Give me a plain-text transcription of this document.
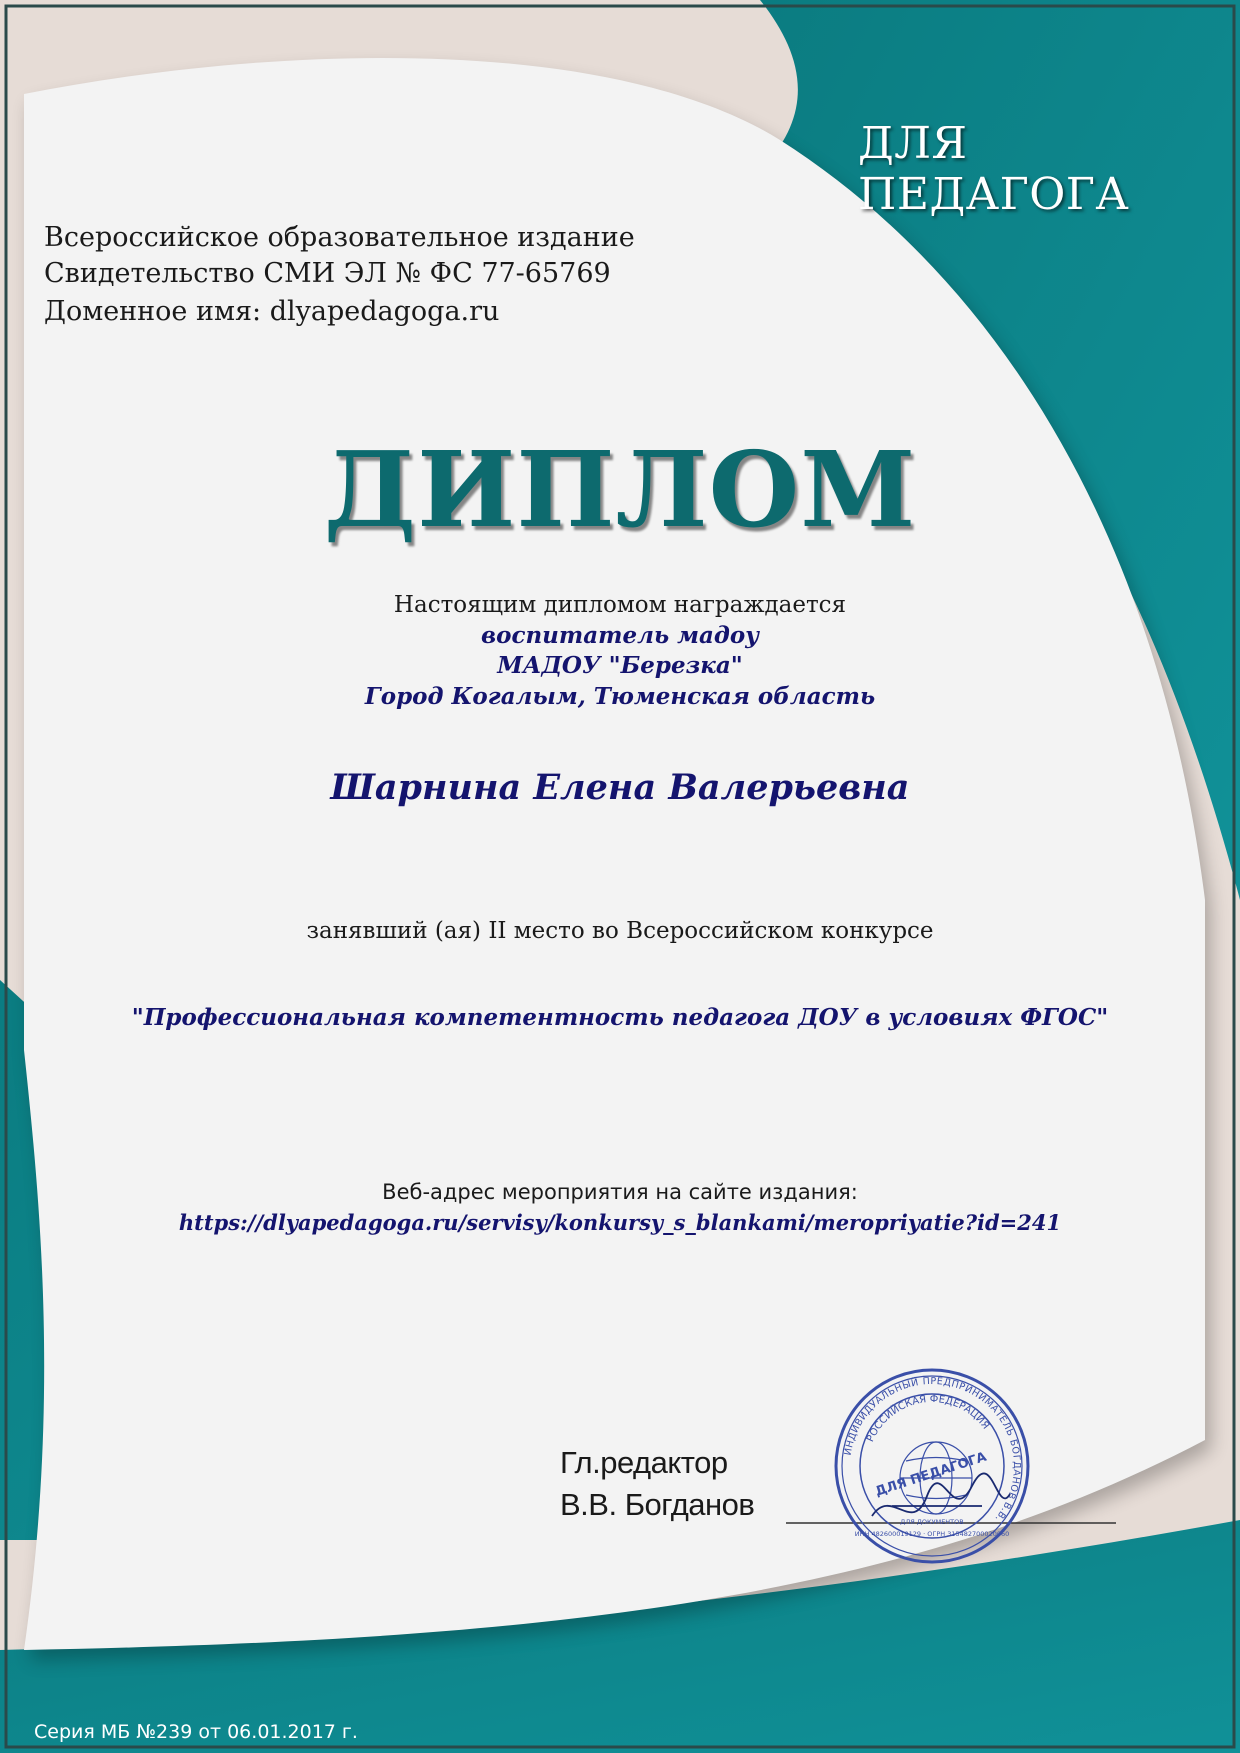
ДЛЯ ПЕДАГОГА
Всероссийское образовательное издание
Свидетельство СМИ ЭЛ № ФС 77-65769
Доменное имя: dlyapedagoga.ru
ДИПЛОМ
Настоящим дипломом награждается
воспитатель мадоу
МАДОУ "Березка"
Город Когалым, Тюменская область
Шарнина Елена Валерьевна
занявший (ая) II место во Всероссийском конкурсе
"Профессиональная компетентность педагога ДОУ в условиях ФГОС"
Веб-адрес мероприятия на сайте издания:
https://dlyapedagoga.ru/servisy/konkursy_s_blankami/meropriyatie?id=241
Гл.редактор
В.В. Богданов
ИНДИВИДУАЛЬНЫЙ ПРЕДПРИНИМАТЕЛЬ БОГДАНОВ В.В.
РОССИЙСКАЯ ФЕДЕРАЦИЯ
ДЛЯ ПЕДАГОГА
ИНН 482600019129 · ОГРН 315482700020060
ДЛЯ ДОКУМЕНТОВ
Серия МБ №239 от 06.01.2017 г.
